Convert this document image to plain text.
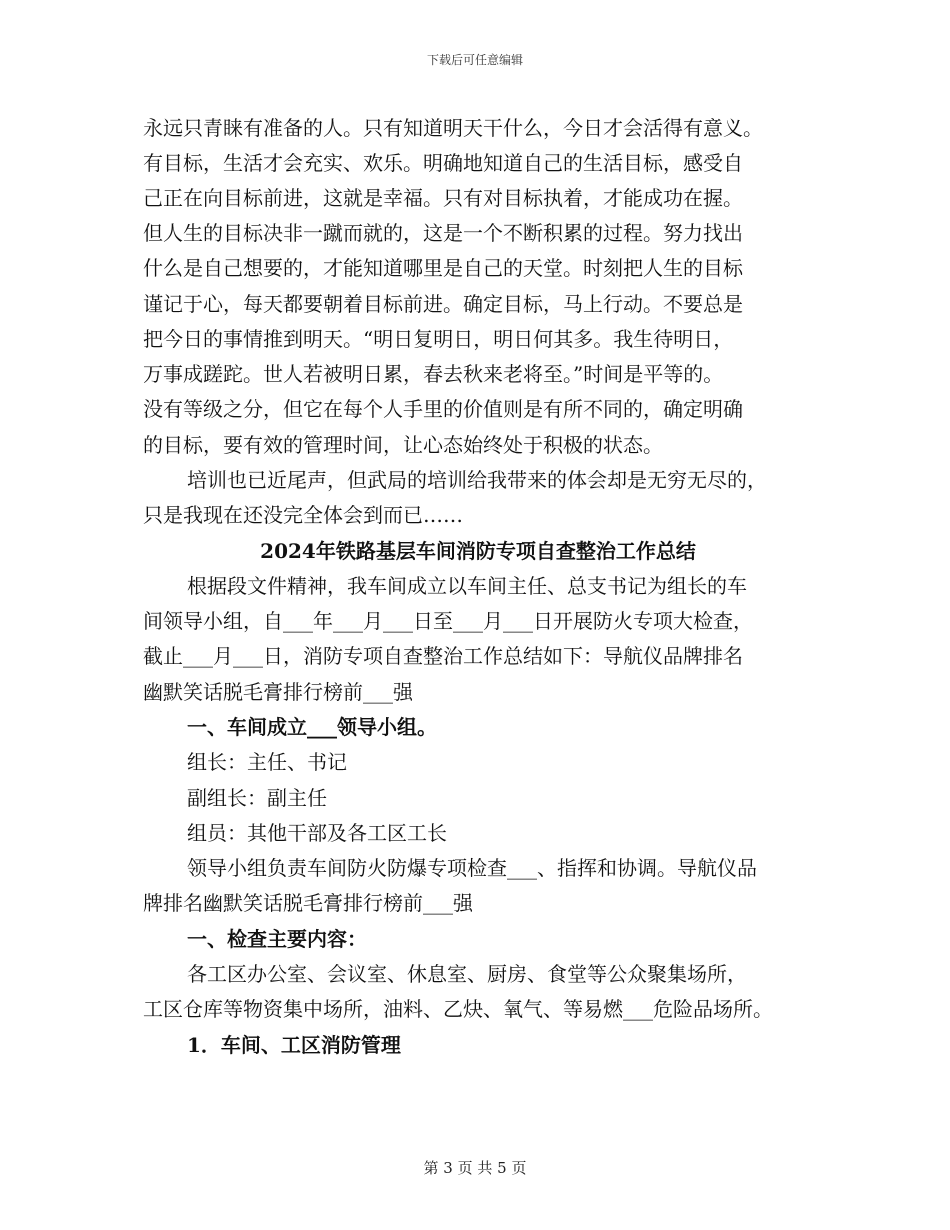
下载后可任意编辑
永远只青睐有准备的人。只有知道明天干什么，今日才会活得有意义。
有目标，生活才会充实、欢乐。明确地知道自己的生活目标，感受自
己正在向目标前进，这就是幸福。只有对目标执着，才能成功在握。
但人生的目标决非一蹴而就的，这是一个不断积累的过程。努力找出
什么是自己想要的，才能知道哪里是自己的天堂。时刻把人生的目标
谨记于心，每天都要朝着目标前进。确定目标，马上行动。不要总是
把今日的事情推到明天。“明日复明日，明日何其多。我生待明日，
万事成蹉跎。世人若被明日累，春去秋来老将至。”时间是平等的。
没有等级之分，但它在每个人手里的价值则是有所不同的，确定明确
的目标，要有效的管理时间，让心态始终处于积极的状态。
培训也已近尾声，但武局的培训给我带来的体会却是无穷无尽的，
只是我现在还没完全体会到而已……
2024年铁路基层车间消防专项自查整治工作总结
根据段文件精神，我车间成立以车间主任、总支书记为组长的车
间领导小组，自___年___月___日至___月___日开展防火专项大检查，
截止___月___日，消防专项自查整治工作总结如下：导航仪品牌排名
幽默笑话脱毛膏排行榜前___强
一、车间成立___领导小组。
组长：主任、书记
副组长：副主任
组员：其他干部及各工区工长
领导小组负责车间防火防爆专项检查___、指挥和协调。导航仪品
牌排名幽默笑话脱毛膏排行榜前___强
一、检查主要内容：
各工区办公室、会议室、休息室、厨房、食堂等公众聚集场所，
工区仓库等物资集中场所，油料、乙炔、氧气、等易燃___危险品场所。
1．车间、工区消防管理
第 3 页 共 5 页
